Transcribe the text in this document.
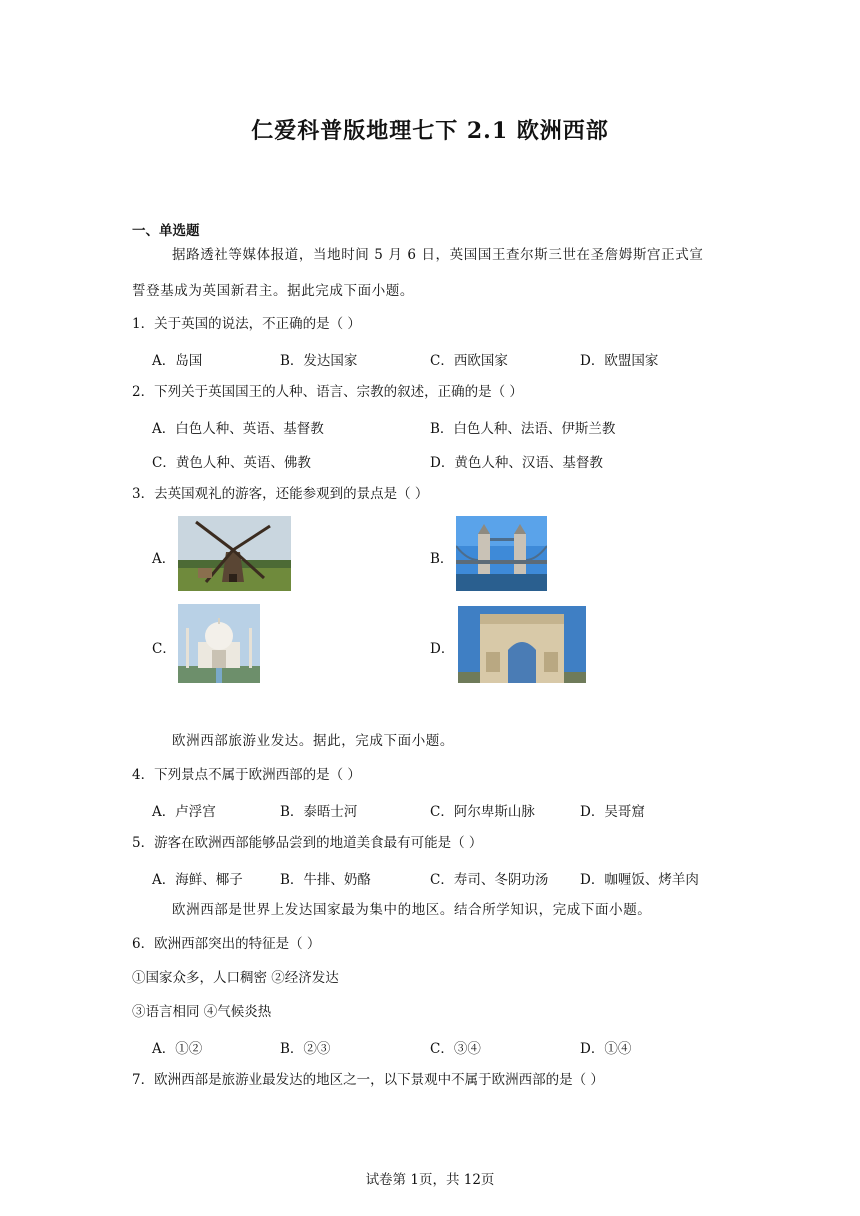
仁爱科普版地理七下 2.1 欧洲西部
一、单选题
据路透社等媒体报道，当地时间 5 月 6 日，英国国王查尔斯三世在圣詹姆斯宫正式宣
誓登基成为英国新君主。据此完成下面小题。
1．关于英国的说法，不正确的是（ ）
A．岛国	B．发达国家	C．西欧国家	D．欧盟国家
2．下列关于英国国王的人种、语言、宗教的叙述，正确的是（ ）
A．白色人种、英语、基督教	B．白色人种、法语、伊斯兰教
C．黄色人种、英语、佛教	D．黄色人种、汉语、基督教
3．去英国观礼的游客，还能参观到的景点是（ ）
A．	B．
C．	D．
欧洲西部旅游业发达。据此，完成下面小题。
4．下列景点不属于欧洲西部的是（ ）
A．卢浮宫	B．泰晤士河	C．阿尔卑斯山脉	D．吴哥窟
5．游客在欧洲西部能够品尝到的地道美食最有可能是（ ）
A．海鲜、椰子	B．牛排、奶酪	C．寿司、冬阴功汤 D．咖喱饭、烤羊肉
欧洲西部是世界上发达国家最为集中的地区。结合所学知识，完成下面小题。
6．欧洲西部突出的特征是（ ）
①国家众多，人口稠密 ②经济发达
③语言相同 ④气候炎热
A．①②	B．②③	C．③④	D．①④
7．欧洲西部是旅游业最发达的地区之一，以下景观中不属于欧洲西部的是（ ）
试卷第 1页，共 12页
